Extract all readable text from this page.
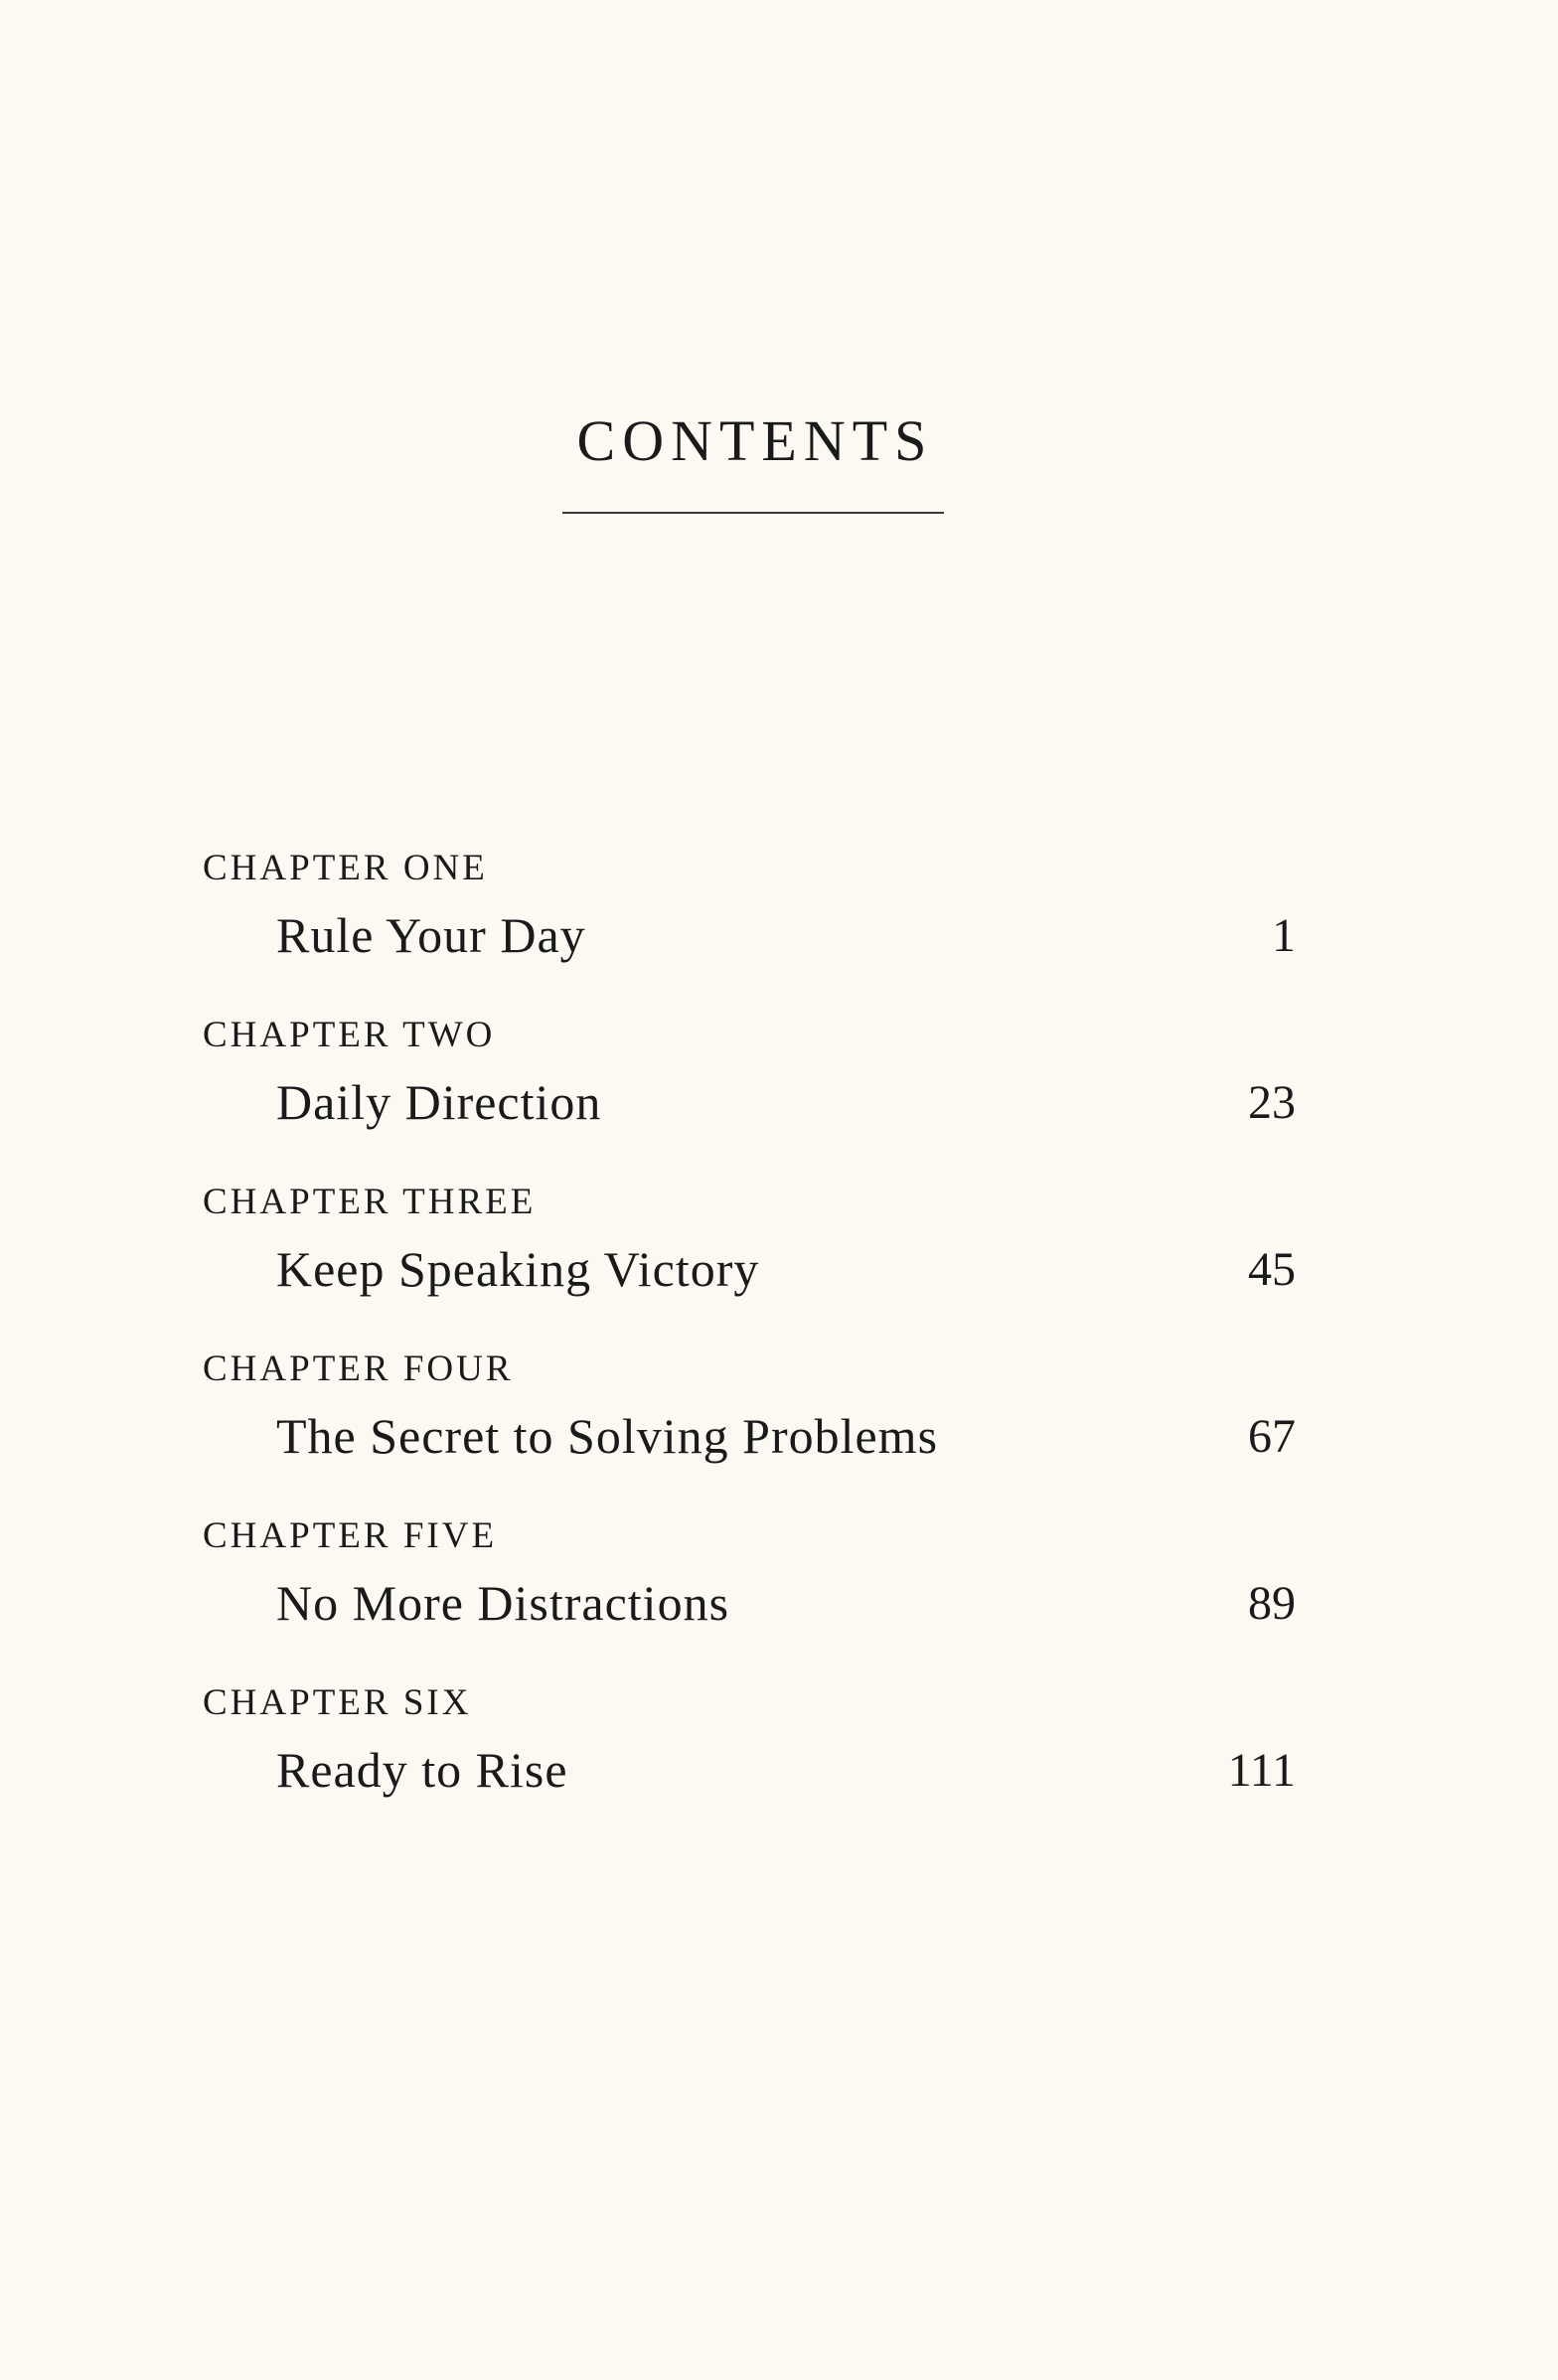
CONTENTS
CHAPTER ONE
Rule Your Day	1
CHAPTER TWO
Daily Direction	23
CHAPTER THREE
Keep Speaking Victory	45
CHAPTER FOUR
The Secret to Solving Problems	67
CHAPTER FIVE
No More Distractions	89
CHAPTER SIX
Ready to Rise	111
